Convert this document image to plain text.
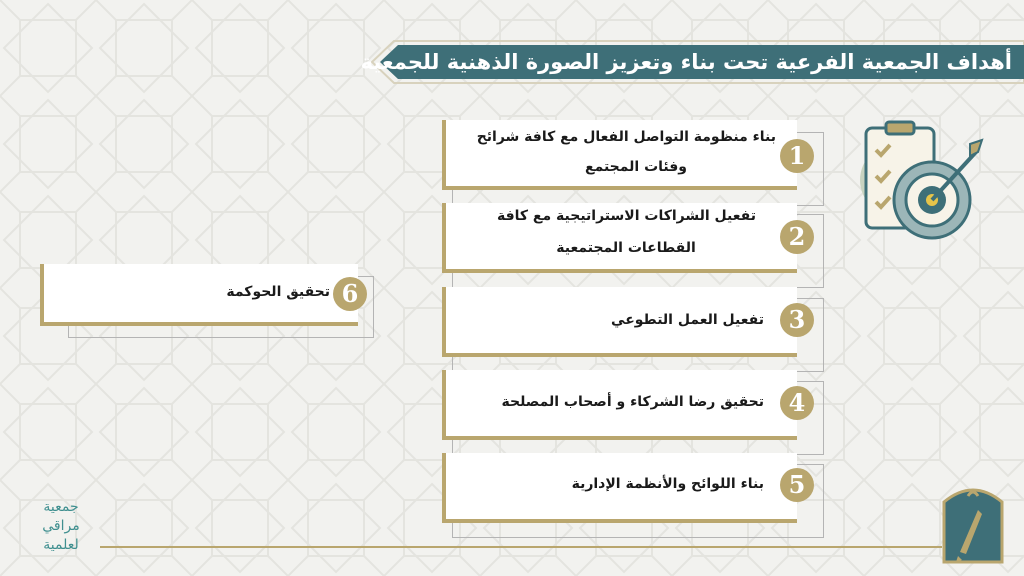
أهداف الجمعية الفرعية تحت بناء وتعزيز الصورة الذهنية للجمعية
بناء منظومة التواصل الفعال مع كافة شرائح
وفئات المجتمع	1
تفعيل الشراكات الاستراتيجية مع كافة
القطاعات المجتمعية	2
تفعيل العمل التطوعي	3
تحقيق رضا الشركاء و أصحاب المصلحة	4
بناء اللوائح والأنظمة الإدارية	5
تحقيق الحوكمة 6
جمعية
مراقي
لعلمية
